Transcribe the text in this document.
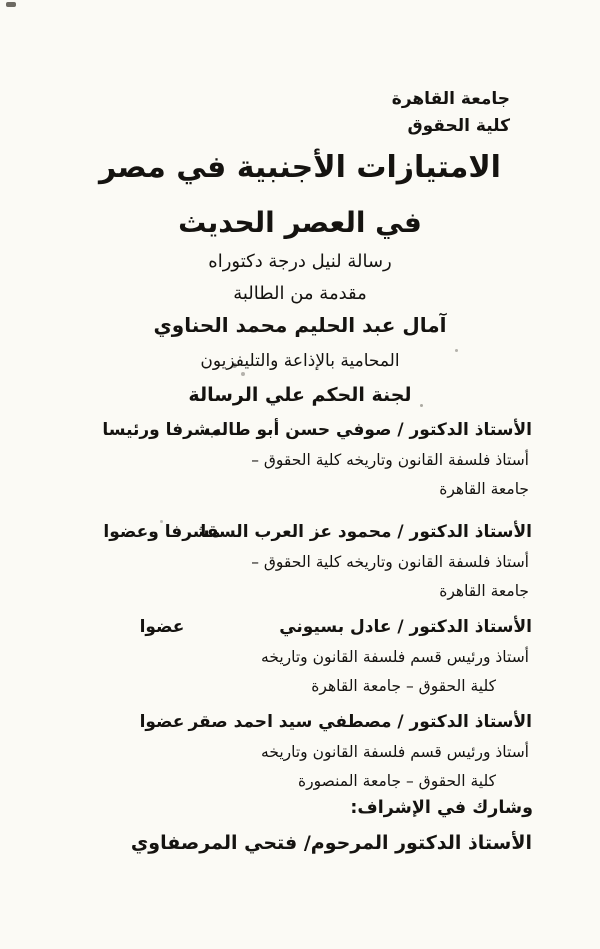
جامعة القاهرة
كلية الحقوق
الامتيازات الأجنبية في مصر
في العصر الحديث
رسالة لنيل درجة دكتوراه
مقدمة من الطالبة
آمال عبد الحليم محمد الحناوي
المحامية بالإذاعة والتليفزيون
لجنة الحكم علي الرسالة
الأستاذ الدكتور / صوفي حسن أبو طالب
مشرفا ورئيسا
أستاذ فلسفة القانون وتاريخه كلية الحقوق –
جامعة القاهرة
الأستاذ الدكتور / محمود عز العرب السقا
مشرفا وعضوا
أستاذ فلسفة القانون وتاريخه كلية الحقوق –
جامعة القاهرة
الأستاذ الدكتور / عادل بسيوني
عضوا
أستاذ ورئيس قسم فلسفة القانون وتاريخه
كلية الحقوق – جامعة القاهرة
الأستاذ الدكتور / مصطفي سيد احمد صقر
عضوا
أستاذ ورئيس قسم فلسفة القانون وتاريخه
كلية الحقوق – جامعة المنصورة
وشارك في الإشراف:
الأستاذ الدكتور المرحوم/ فتحي المرصفاوي
